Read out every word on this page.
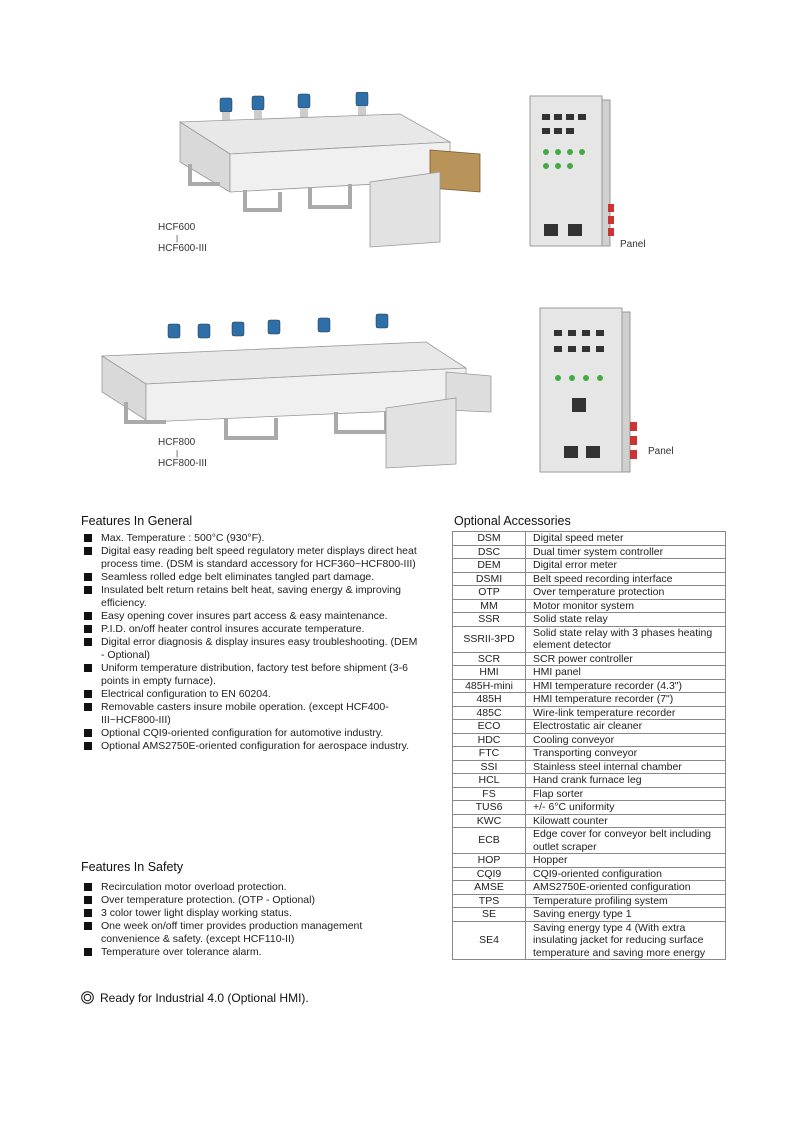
HCF600
|
HCF600-III	Panel
HCF800
|
HCF800-III
Panel
Features In General
Max. Temperature : 500°C (930°F).
Digital easy reading belt speed regulatory meter displays direct heat process time. (DSM is standard accessory for HCF360~HCF800-III)
Seamless rolled edge belt eliminates tangled part damage.
Insulated belt return retains belt heat, saving energy & improving efficiency.
Easy opening cover insures part access & easy maintenance.
P.I.D. on/off heater control insures accurate temperature.
Digital error diagnosis & display insures easy troubleshooting. (DEM - Optional)
Uniform temperature distribution, factory test before shipment (3-6 points in empty furnace).
Electrical configuration to EN 60204.
Removable casters insure mobile operation. (except HCF400-III~HCF800-III)
Optional CQI9-oriented configuration for automotive industry.
Optional AMS2750E-oriented configuration for aerospace industry.
Features In Safety
Recirculation motor overload protection.
Over temperature protection. (OTP - Optional)
3 color tower light display working status.
One week on/off timer provides production management convenience & safety. (except HCF110-II)
Temperature over tolerance alarm.
Ready for Industrial 4.0 (Optional HMI).
Optional Accessories
DSM	Digital speed meter
DSC	Dual timer system controller
DEM	Digital error meter
DSMI	Belt speed recording interface
OTP	Over temperature protection
MM	Motor monitor system
SSR	Solid state relay
SSRII-3PD	Solid state relay with 3 phases heating element detector
SCR	SCR power controller
HMI	HMI panel
485H-mini	HMI temperature recorder (4.3")
485H	HMI temperature recorder (7")
485C	Wire-link temperature recorder
ECO	Electrostatic air cleaner
HDC	Cooling conveyor
FTC	Transporting conveyor
SSI	Stainless steel internal chamber
HCL	Hand crank furnace leg
FS	Flap sorter
TUS6	+/- 6°C uniformity
KWC	Kilowatt counter
ECB	Edge cover for conveyor belt including outlet scraper
HOP	Hopper
CQI9	CQI9-oriented configuration
AMSE	AMS2750E-oriented configuration
TPS	Temperature profiling system
SE	Saving energy type 1
SE4	Saving energy type 4 (With extra insulating jacket for reducing surface temperature and saving more energy
